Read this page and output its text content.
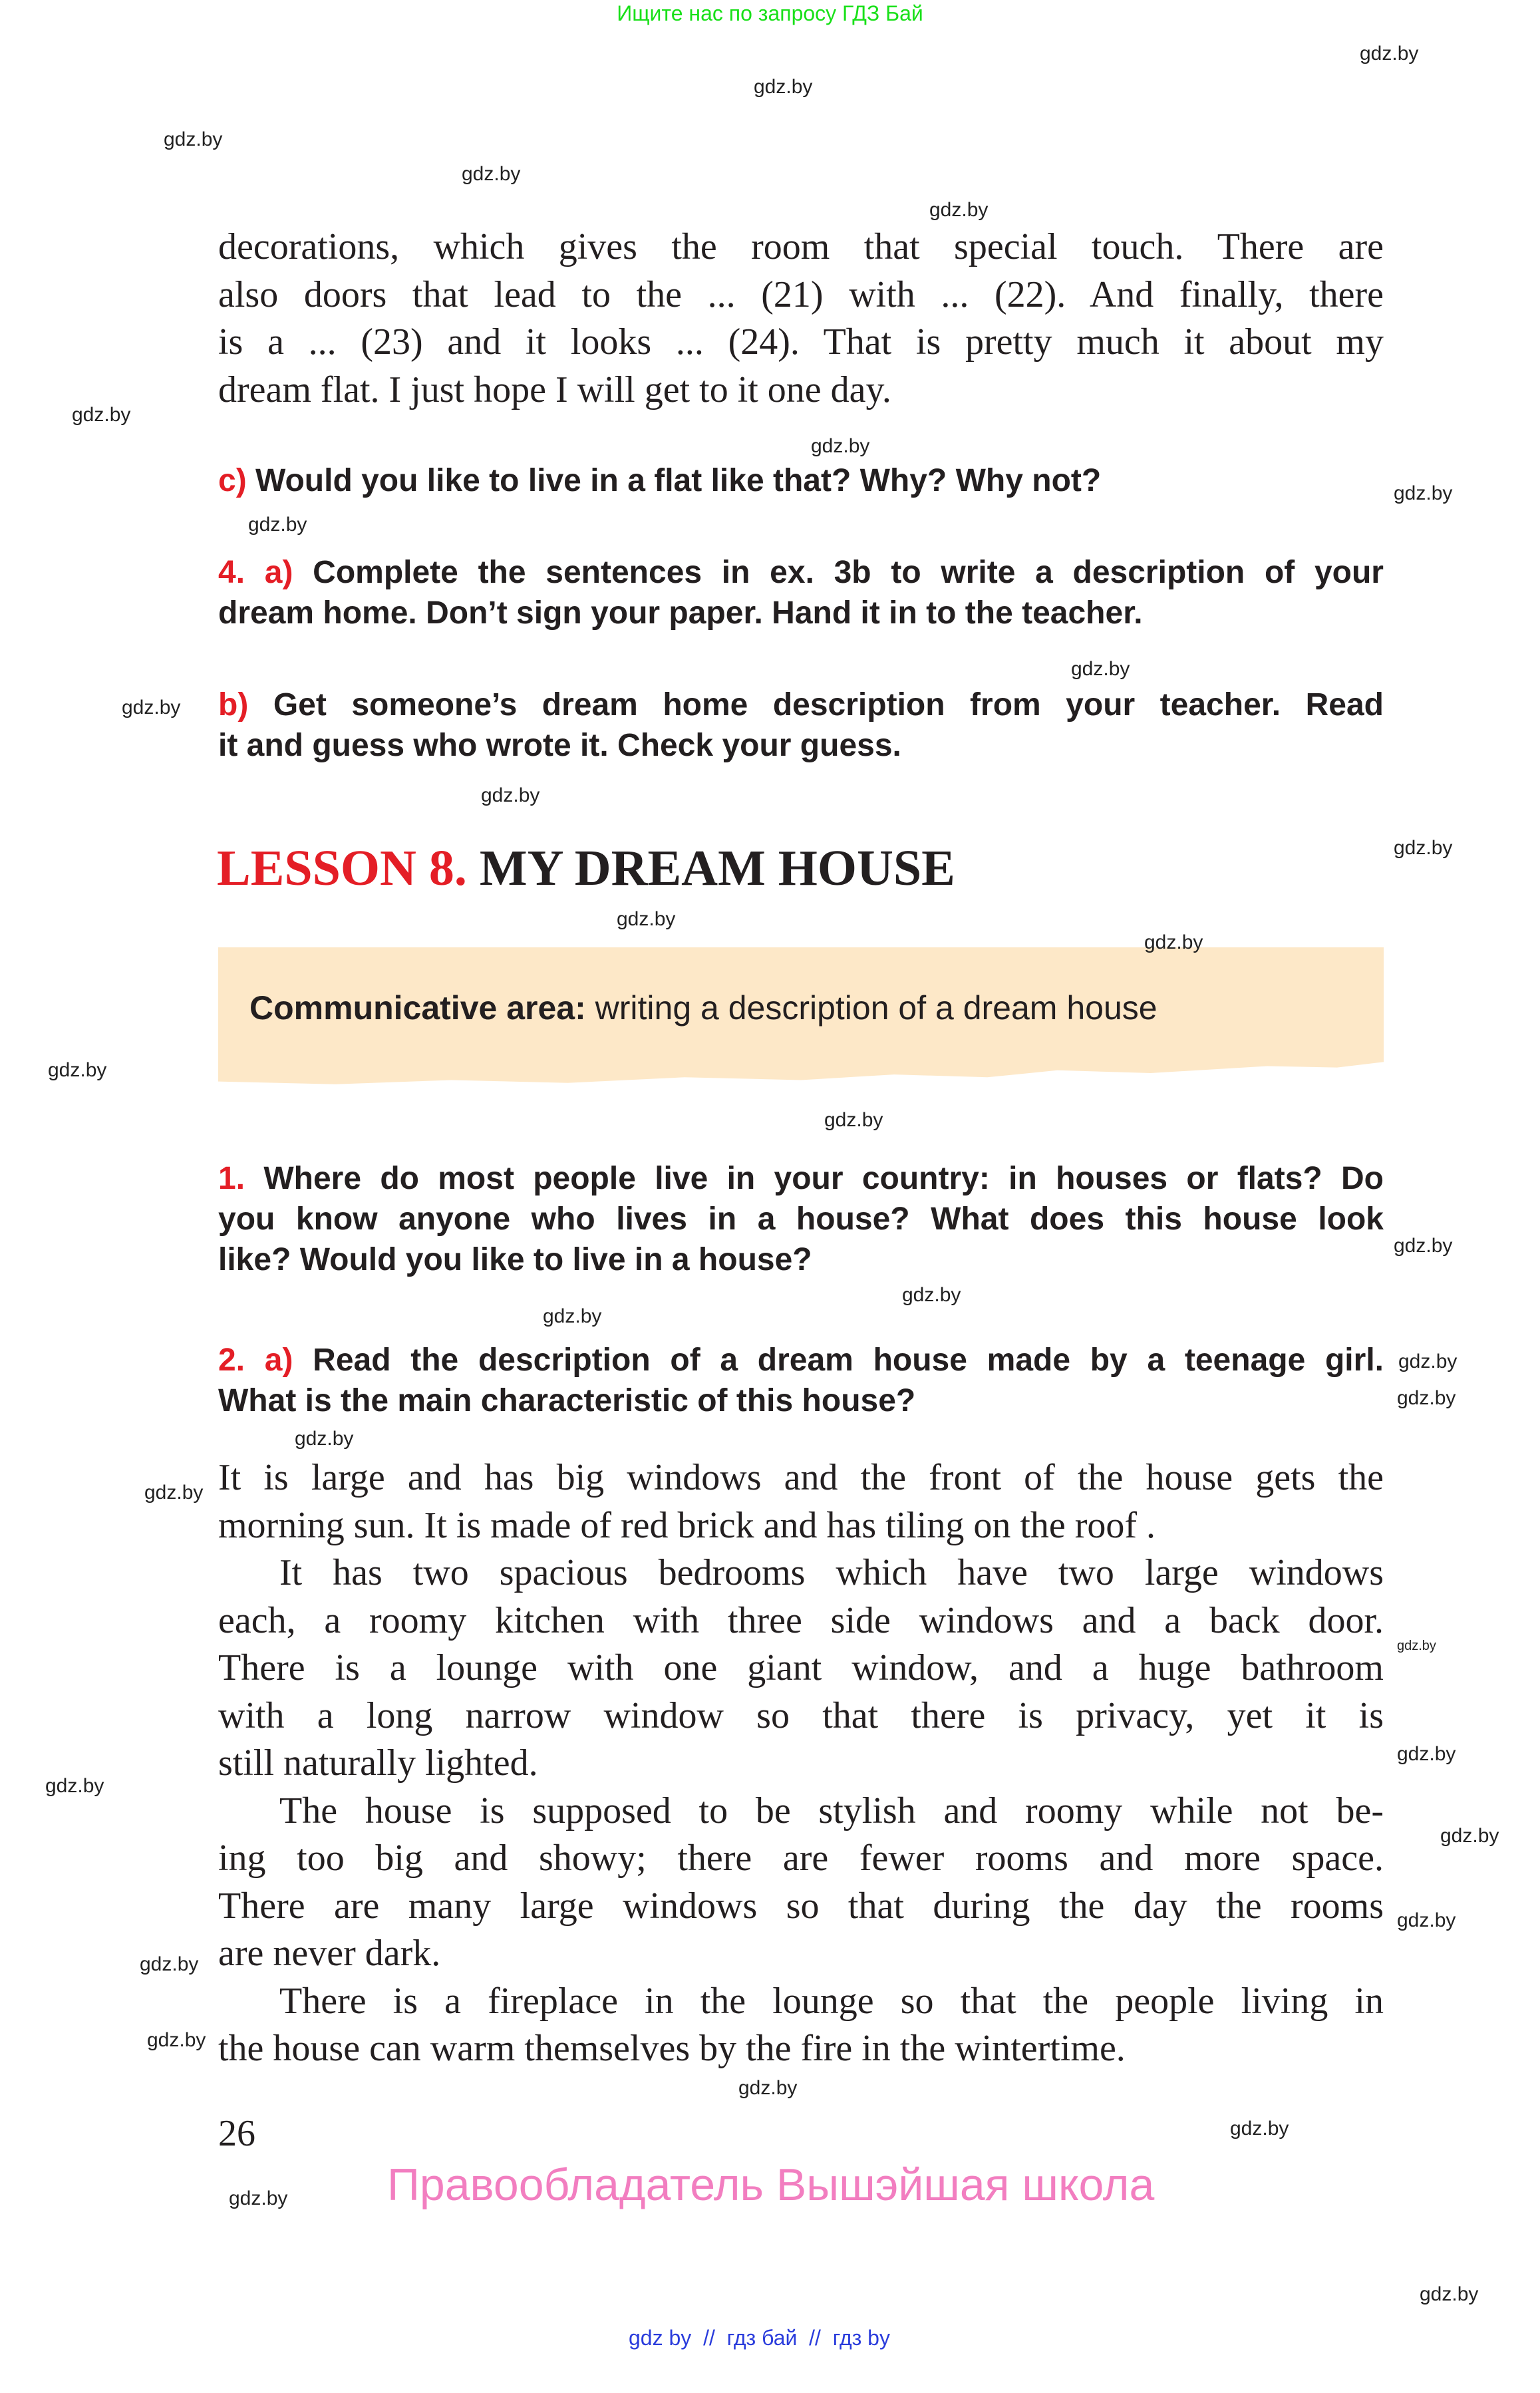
Ищите нас по запросу ГДЗ Бай
decorations, which gives the room that special touch. There are
also doors that lead to the ... (21) with ... (22). And finally, there
is a ... (23) and it looks ... (24). That is pretty much it about my
dream flat. I just hope I will get to it one day.
c) Would you like to live in a flat like that? Why? Why not?
4. a) Complete the sentences in ex. 3b to write a description of your
dream home. Don’t sign your paper. Hand it in to the teacher.
b) Get someone’s dream home description from your teacher. Read
it and guess who wrote it. Check your guess.
LESSON 8. MY DREAM HOUSE
Communicative area: writing a description of a dream house
1. Where do most people live in your country: in houses or flats? Do
you know anyone who lives in a house? What does this house look
like? Would you like to live in a house?
2. a) Read the description of a dream house made by a teenage girl.
What is the main characteristic of this house?
It is large and has big windows and the front of the house gets the
morning sun. It is made of red brick and has tiling on the roof .
It has two spacious bedrooms which have two large windows
each, a roomy kitchen with three side windows and a back door.
There is a lounge with one giant window, and a huge bathroom
with a long narrow window so that there is privacy, yet it is
still naturally lighted.
The house is supposed to be stylish and roomy while not be-
ing too big and showy; there are fewer rooms and more space.
There are many large windows so that during the day the rooms
are never dark.
There is a fireplace in the lounge so that the people living in
the house can warm themselves by the fire in the wintertime.
26
Правообладатель Вышэйшая школа
gdz by  //  гдз бай  //  гдз by
gdz.by
gdz.by
gdz.by
gdz.by
gdz.by
gdz.by
gdz.by
gdz.by
gdz.by
gdz.by
gdz.by
gdz.by
gdz.by
gdz.by
gdz.by
gdz.by
gdz.by
gdz.by
gdz.by
gdz.by
gdz.by
gdz.by
gdz.by
gdz.by
gdz.by
gdz.by
gdz.by
gdz.by
gdz.by
gdz.by
gdz.by
gdz.by
gdz.by
gdz.by
gdz.by
